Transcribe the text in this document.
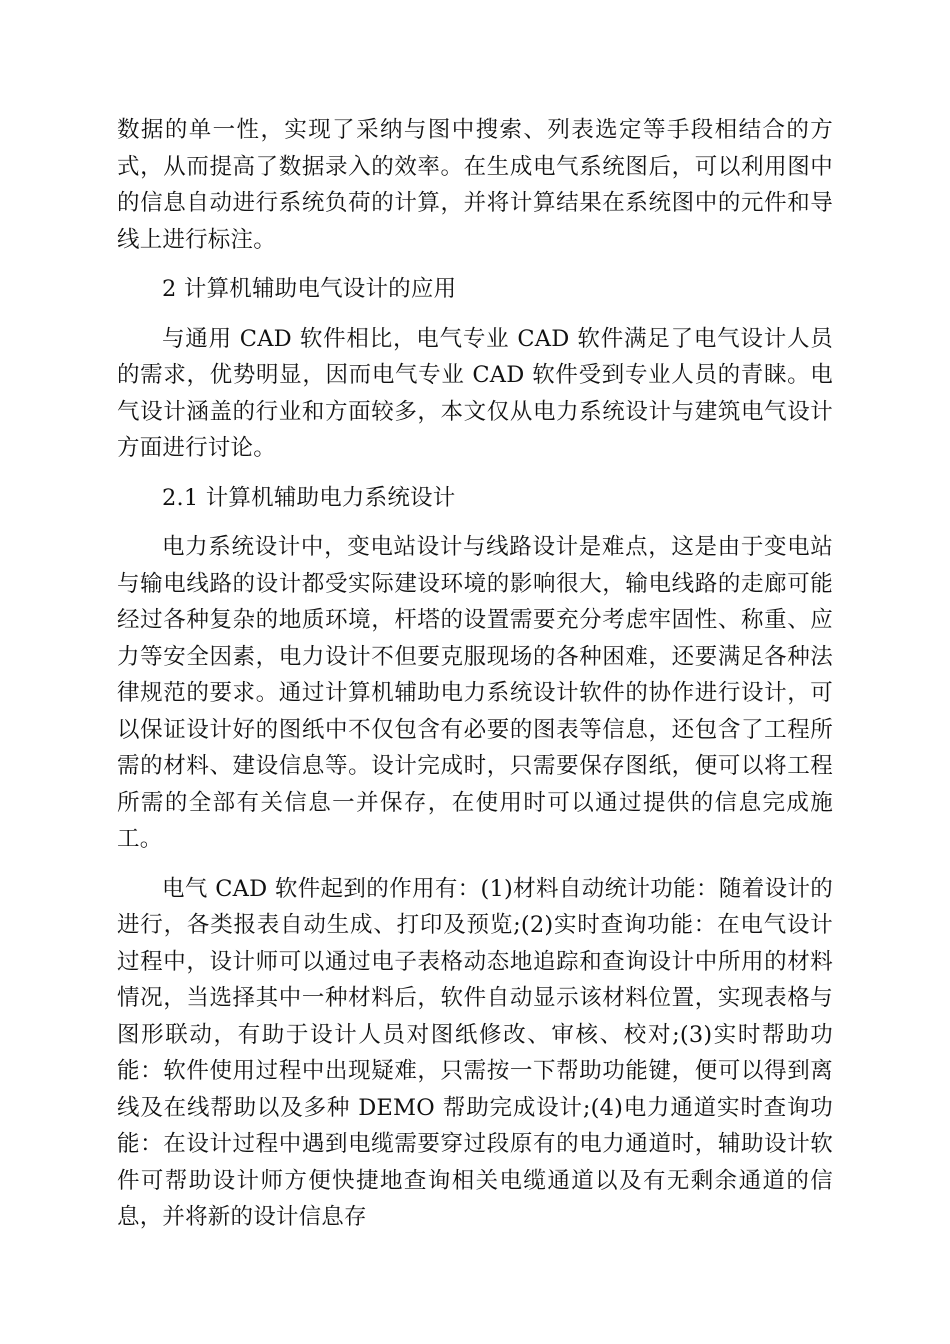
数据的单一性，实现了采纳与图中搜索、列表选定等手段相结合的方式，从而提高了数据录入的效率。在生成电气系统图后，可以利用图中的信息自动进行系统负荷的计算，并将计算结果在系统图中的元件和导线上进行标注。

2 计算机辅助电气设计的应用

与通用 CAD 软件相比，电气专业 CAD 软件满足了电气设计人员的需求，优势明显，因而电气专业 CAD 软件受到专业人员的青睐。电气设计涵盖的行业和方面较多，本文仅从电力系统设计与建筑电气设计方面进行讨论。

2.1 计算机辅助电力系统设计

电力系统设计中，变电站设计与线路设计是难点，这是由于变电站与输电线路的设计都受实际建设环境的影响很大，输电线路的走廊可能经过各种复杂的地质环境，杆塔的设置需要充分考虑牢固性、称重、应力等安全因素，电力设计不但要克服现场的各种困难，还要满足各种法律规范的要求。通过计算机辅助电力系统设计软件的协作进行设计，可以保证设计好的图纸中不仅包含有必要的图表等信息，还包含了工程所需的材料、建设信息等。设计完成时，只需要保存图纸，便可以将工程所需的全部有关信息一并保存，在使用时可以通过提供的信息完成施工。

电气 CAD 软件起到的作用有：(1)材料自动统计功能：随着设计的进行，各类报表自动生成、打印及预览;(2)实时查询功能：在电气设计过程中，设计师可以通过电子表格动态地追踪和查询设计中所用的材料情况，当选择其中一种材料后，软件自动显示该材料位置，实现表格与图形联动，有助于设计人员对图纸修改、审核、校对;(3)实时帮助功能：软件使用过程中出现疑难，只需按一下帮助功能键，便可以得到离线及在线帮助以及多种 DEMO 帮助完成设计;(4)电力通道实时查询功能：在设计过程中遇到电缆需要穿过段原有的电力通道时，辅助设计软件可帮助设计师方便快捷地查询相关电缆通道以及有无剩余通道的信息，并将新的设计信息存
